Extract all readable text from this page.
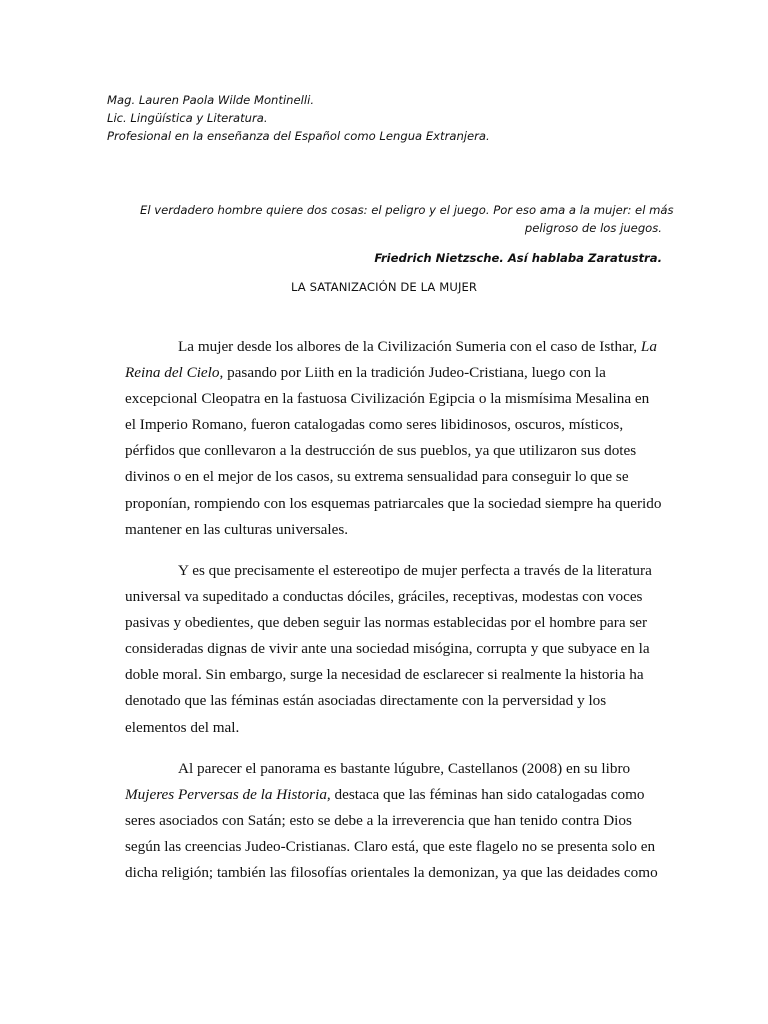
Mag. Lauren Paola Wilde Montinelli.
Lic. Lingüística y Literatura.
Profesional en la enseñanza del Español como Lengua Extranjera.
El verdadero hombre quiere dos cosas: el peligro y el juego. Por eso ama a la mujer: el más
peligroso de los juegos.
Friedrich Nietzsche. Así hablaba Zaratustra.
LA SATANIZACIÓN DE LA MUJER
La mujer desde los albores de la Civilización Sumeria con el caso de Isthar, La
Reina del Cielo, pasando por Liith en la tradición Judeo-Cristiana, luego con la
excepcional Cleopatra en la fastuosa Civilización Egipcia o la mismísima Mesalina en
el Imperio Romano, fueron catalogadas como seres libidinosos, oscuros, místicos,
pérfidos que conllevaron a la destrucción de sus pueblos, ya que utilizaron sus dotes
divinos o en el mejor de los casos, su extrema sensualidad para conseguir lo que se
proponían, rompiendo con los esquemas patriarcales que la sociedad siempre ha querido
mantener en las culturas universales.
Y es que precisamente el estereotipo de mujer perfecta a través de la literatura
universal va supeditado a conductas dóciles, gráciles, receptivas, modestas con voces
pasivas y obedientes, que deben seguir las normas establecidas por el hombre para ser
consideradas dignas de vivir ante una sociedad misógina, corrupta y que subyace en la
doble moral. Sin embargo, surge la necesidad de esclarecer si realmente la historia ha
denotado que las féminas están asociadas directamente con la perversidad y los
elementos del mal.
Al parecer el panorama es bastante lúgubre, Castellanos (2008) en su libro
Mujeres Perversas de la Historia, destaca que las féminas han sido catalogadas como
seres asociados con Satán; esto se debe a la irreverencia que han tenido contra Dios
según las creencias Judeo-Cristianas. Claro está, que este flagelo no se presenta solo en
dicha religión; también las filosofías orientales la demonizan, ya que las deidades como
